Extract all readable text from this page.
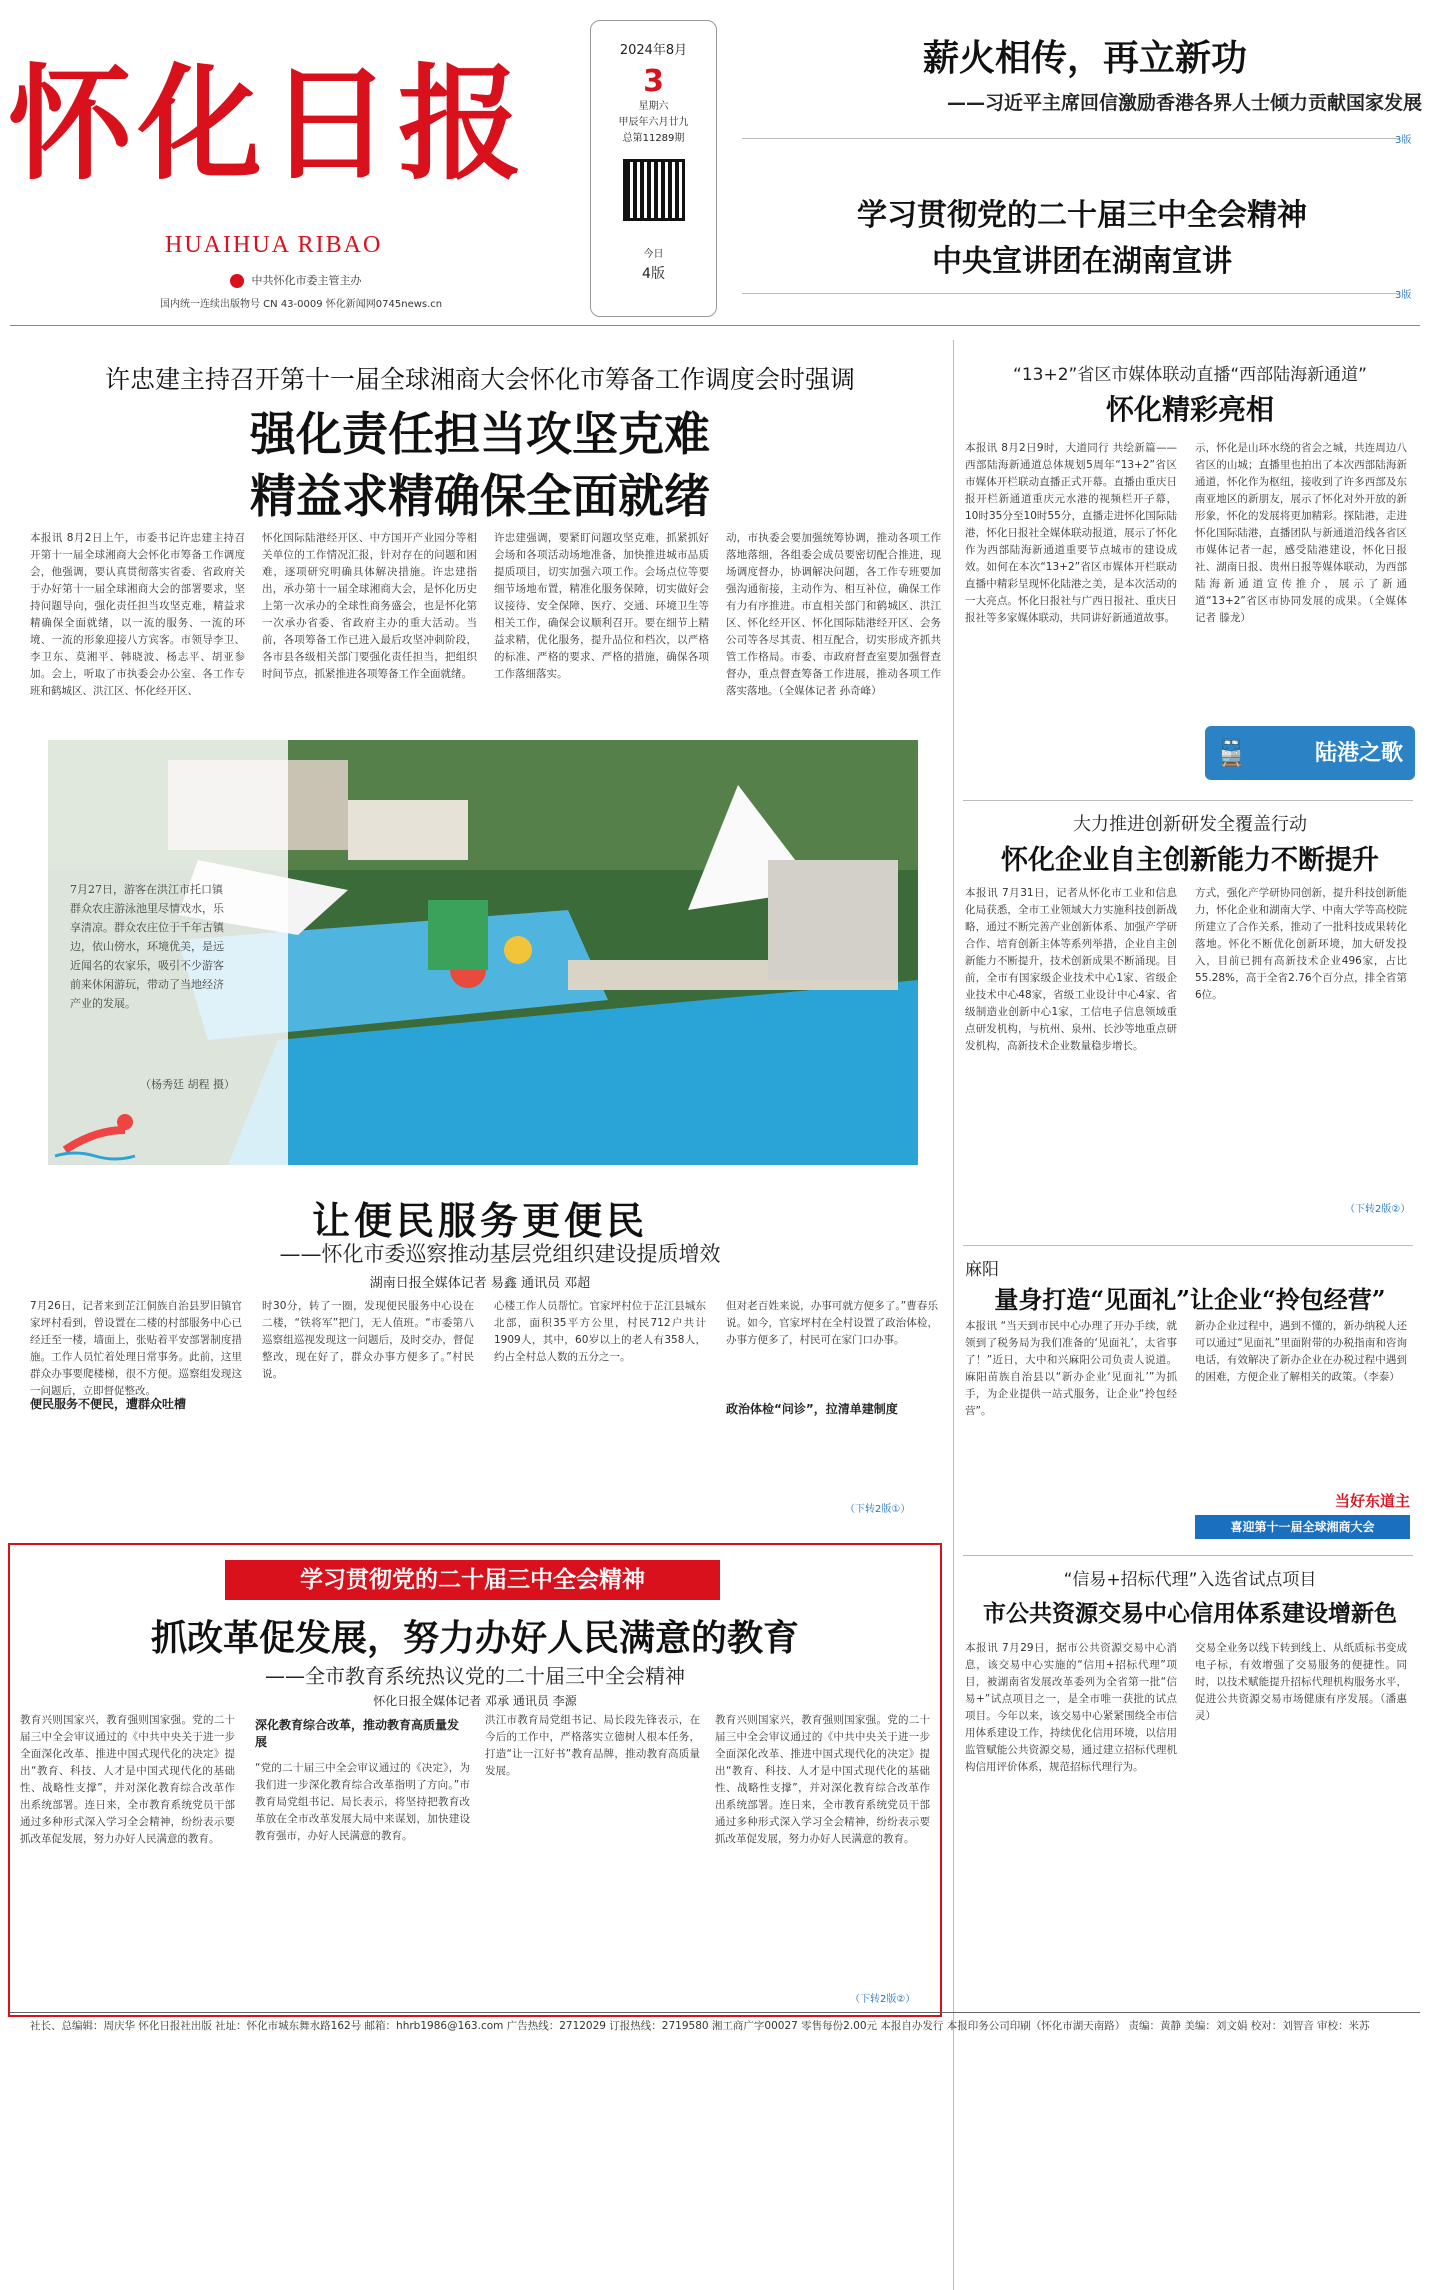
怀化日报
HUAIHUA RIBAO
中共怀化市委主管主办
国内统一连续出版物号 CN 43-0009 怀化新闻网0745news.cn
2024年8月
3
星期六
甲辰年六月廿九
总第11289期
今日
4版
薪火相传，再立新功
——习近平主席回信激励香港各界人士倾力贡献国家发展
3版
学习贯彻党的二十届三中全会精神
中央宣讲团在湖南宣讲
3版
许忠建主持召开第十一届全球湘商大会怀化市筹备工作调度会时强调
强化责任担当攻坚克难
精益求精确保全面就绪
本报讯 8月2日上午，市委书记许忠建主持召开第十一届全球湘商大会怀化市筹备工作调度会，他强调，要认真贯彻落实省委、省政府关于办好第十一届全球湘商大会的部署要求，坚持问题导向，强化责任担当攻坚克难，精益求精确保全面就绪，以一流的服务、一流的环境、一流的形象迎接八方宾客。市领导李卫、李卫东、莫湘平、韩晓波、杨志平、胡亚参加。会上，听取了市执委会办公室、各工作专班和鹤城区、洪江区、怀化经开区、
怀化国际陆港经开区、中方国开产业园分等相关单位的工作情况汇报，针对存在的问题和困难，逐项研究明确具体解决措施。许忠建指出，承办第十一届全球湘商大会，是怀化历史上第一次承办的全球性商务盛会，也是怀化第一次承办省委、省政府主办的重大活动。当前，各项筹备工作已进入最后攻坚冲刺阶段，各市县各级相关部门要强化责任担当，把组织时间节点，抓紧推进各项筹备工作全面就绪。
许忠建强调，要紧盯问题攻坚克难，抓紧抓好会场和各项活动场地准备，加快推进城市品质提质项目，切实加强六项工作。会场点位等要细节场地布置，精准化服务保障，切实做好会议接待、安全保障、医疗、交通、环境卫生等相关工作，确保会议顺利召开。要在细节上精益求精，优化服务，提升品位和档次，以严格的标准、严格的要求、严格的措施，确保各项工作落细落实。
动，市执委会要加强统筹协调，推动各项工作落地落细，各组委会成员要密切配合推进，现场调度督办，协调解决问题，各工作专班要加强沟通衔接，主动作为、相互补位，确保工作有力有序推进。市直相关部门和鹤城区、洪江区、怀化经开区、怀化国际陆港经开区、会务公司等各尽其责、相互配合，切实形成齐抓共管工作格局。市委、市政府督查室要加强督查督办，重点督查筹备工作进展，推动各项工作落实落地。（全媒体记者 孙奇峰）
7月27日，游客在洪江市托口镇群众农庄游泳池里尽情戏水，乐享清凉。群众农庄位于千年古镇边，依山傍水，环境优美，是远近闻名的农家乐，吸引不少游客前来休闲游玩，带动了当地经济产业的发展。
（杨秀廷 胡程 摄）
“13+2”省区市媒体联动直播“西部陆海新通道”
怀化精彩亮相
本报讯 8月2日9时，大道同行 共绘新篇——西部陆海新通道总体规划5周年“13+2”省区市媒体开栏联动直播正式开幕。直播由重庆日报开栏新通道重庆元水港的视频栏开子幕，10时35分至10时55分，直播走进怀化国际陆港，怀化日报社全媒体联动报道，展示了怀化作为西部陆海新通道重要节点城市的建设成效。如何在本次“13+2”省区市媒体开栏联动直播中精彩呈现怀化陆港之美，是本次活动的一大亮点。怀化日报社与广西日报社、重庆日报社等多家媒体联动，共同讲好新通道故事。
示，怀化是山环水绕的省会之城，共连周边八省区的山城；直播里也拍出了本次西部陆海新通道，怀化作为枢纽，接收到了许多西部及东南亚地区的新朋友，展示了怀化对外开放的新形象，怀化的发展将更加精彩。探陆港，走进怀化国际陆港，直播团队与新通道沿线各省区市媒体记者一起，感受陆港建设，怀化日报社、湖南日报、贵州日报等媒体联动，为西部陆海新通道宣传推介，展示了新通道“13+2”省区市协同发展的成果。（全媒体记者 滕龙）
🚆	陆港之歌
大力推进创新研发全覆盖行动
怀化企业自主创新能力不断提升
本报讯 7月31日，记者从怀化市工业和信息化局获悉，全市工业领域大力实施科技创新战略，通过不断完善产业创新体系、加强产学研合作、培育创新主体等系列举措，企业自主创新能力不断提升，技术创新成果不断涌现。目前，全市有国家级企业技术中心1家、省级企业技术中心48家，省级工业设计中心4家、省级制造业创新中心1家，工信电子信息领域重点研发机构，与杭州、泉州、长沙等地重点研发机构，高新技术企业数量稳步增长。
方式，强化产学研协同创新，提升科技创新能力，怀化企业和湖南大学、中南大学等高校院所建立了合作关系，推动了一批科技成果转化落地。怀化不断优化创新环境，加大研发投入，目前已拥有高新技术企业496家，占比55.28%，高于全省2.76个百分点，排全省第6位。
（下转2版②）
让便民服务更便民
——怀化市委巡察推动基层党组织建设提质增效
湖南日报全媒体记者 易鑫 通讯员 邓超
7月26日，记者来到芷江侗族自治县罗旧镇官家坪村看到，曾设置在二楼的村部服务中心已经迁至一楼，墙面上，张贴着平安部署制度措施。工作人员忙着处理日常事务。此前，这里群众办事要爬楼梯，很不方便。巡察组发现这一问题后，立即督促整改。
便民服务不便民，遭群众吐槽
时30分，转了一圈，发现便民服务中心设在二楼，“铁将军”把门，无人值班。“市委第八巡察组巡视发现这一问题后，及时交办，督促整改，现在好了，群众办事方便多了。”村民说。
心楼工作人员帮忙。官家坪村位于芷江县城东北部，面积35平方公里，村民712户共计1909人，其中，60岁以上的老人有358人，约占全村总人数的五分之一。
但对老百姓来说，办事可就方便多了。”曹春乐说。如今，官家坪村在全村设置了政治体检，办事方便多了，村民可在家门口办事。
政治体检“问诊”，拉清单建制度
（下转2版①）
麻阳
量身打造“见面礼”让企业“拎包经营”
本报讯 “当天到市民中心办理了开办手续，就领到了税务局为我们准备的‘见面礼’，太省事了！”近日，大中和兴麻阳公司负责人说道。麻阳苗族自治县以“新办企业‘见面礼’”为抓手，为企业提供一站式服务，让企业“拎包经营”。
新办企业过程中，遇到不懂的，新办纳税人还可以通过“见面礼”里面附带的办税指南和咨询电话，有效解决了新办企业在办税过程中遇到的困难，方便企业了解相关的政策。（李泰）
当好东道主
喜迎第十一届全球湘商大会
学习贯彻党的二十届三中全会精神
抓改革促发展，努力办好人民满意的教育
——全市教育系统热议党的二十届三中全会精神
怀化日报全媒体记者 邓承 通讯员 李源
教育兴则国家兴，教育强则国家强。党的二十届三中全会审议通过的《中共中央关于进一步全面深化改革、推进中国式现代化的决定》提出“教育、科技、人才是中国式现代化的基础性、战略性支撑”，并对深化教育综合改革作出系统部署。连日来，全市教育系统党员干部通过多种形式深入学习全会精神，纷纷表示要抓改革促发展，努力办好人民满意的教育。
深化教育综合改革，推动教育高质量发展
“党的二十届三中全会审议通过的《决定》，为我们进一步深化教育综合改革指明了方向。”市教育局党组书记、局长表示，将坚持把教育改革放在全市改革发展大局中来谋划，加快建设教育强市，办好人民满意的教育。
洪江市教育局党组书记、局长段先锋表示，在今后的工作中，严格落实立德树人根本任务，打造“让一江好书”教育品牌，推动教育高质量发展。
教育兴则国家兴，教育强则国家强。党的二十届三中全会审议通过的《中共中央关于进一步全面深化改革、推进中国式现代化的决定》提出“教育、科技、人才是中国式现代化的基础性、战略性支撑”，并对深化教育综合改革作出系统部署。连日来，全市教育系统党员干部通过多种形式深入学习全会精神，纷纷表示要抓改革促发展，努力办好人民满意的教育。
（下转2版②）
“信易+招标代理”入选省试点项目
市公共资源交易中心信用体系建设增新色
本报讯 7月29日，据市公共资源交易中心消息，该交易中心实施的“信用+招标代理”项目，被湖南省发展改革委列为全省第一批“信易+”试点项目之一，是全市唯一获批的试点项目。今年以来，该交易中心紧紧围绕全市信用体系建设工作，持续优化信用环境，以信用监管赋能公共资源交易，通过建立招标代理机构信用评价体系，规范招标代理行为。
交易全业务以线下转到线上、从纸质标书变成电子标，有效增强了交易服务的便捷性。同时，以技术赋能提升招标代理机构服务水平，促进公共资源交易市场健康有序发展。（潘惠灵）
社长、总编辑：周庆华 怀化日报社出版 社址：怀化市城东舞水路162号 邮箱：hhrb1986@163.com 广告热线：2712029 订报热线：2719580 湘工商广字00027 零售每份2.00元 本报自办发行 本报印务公司印刷（怀化市湖天南路） 责编：黄静 美编：刘文娟 校对：刘智音 审校：米苏
